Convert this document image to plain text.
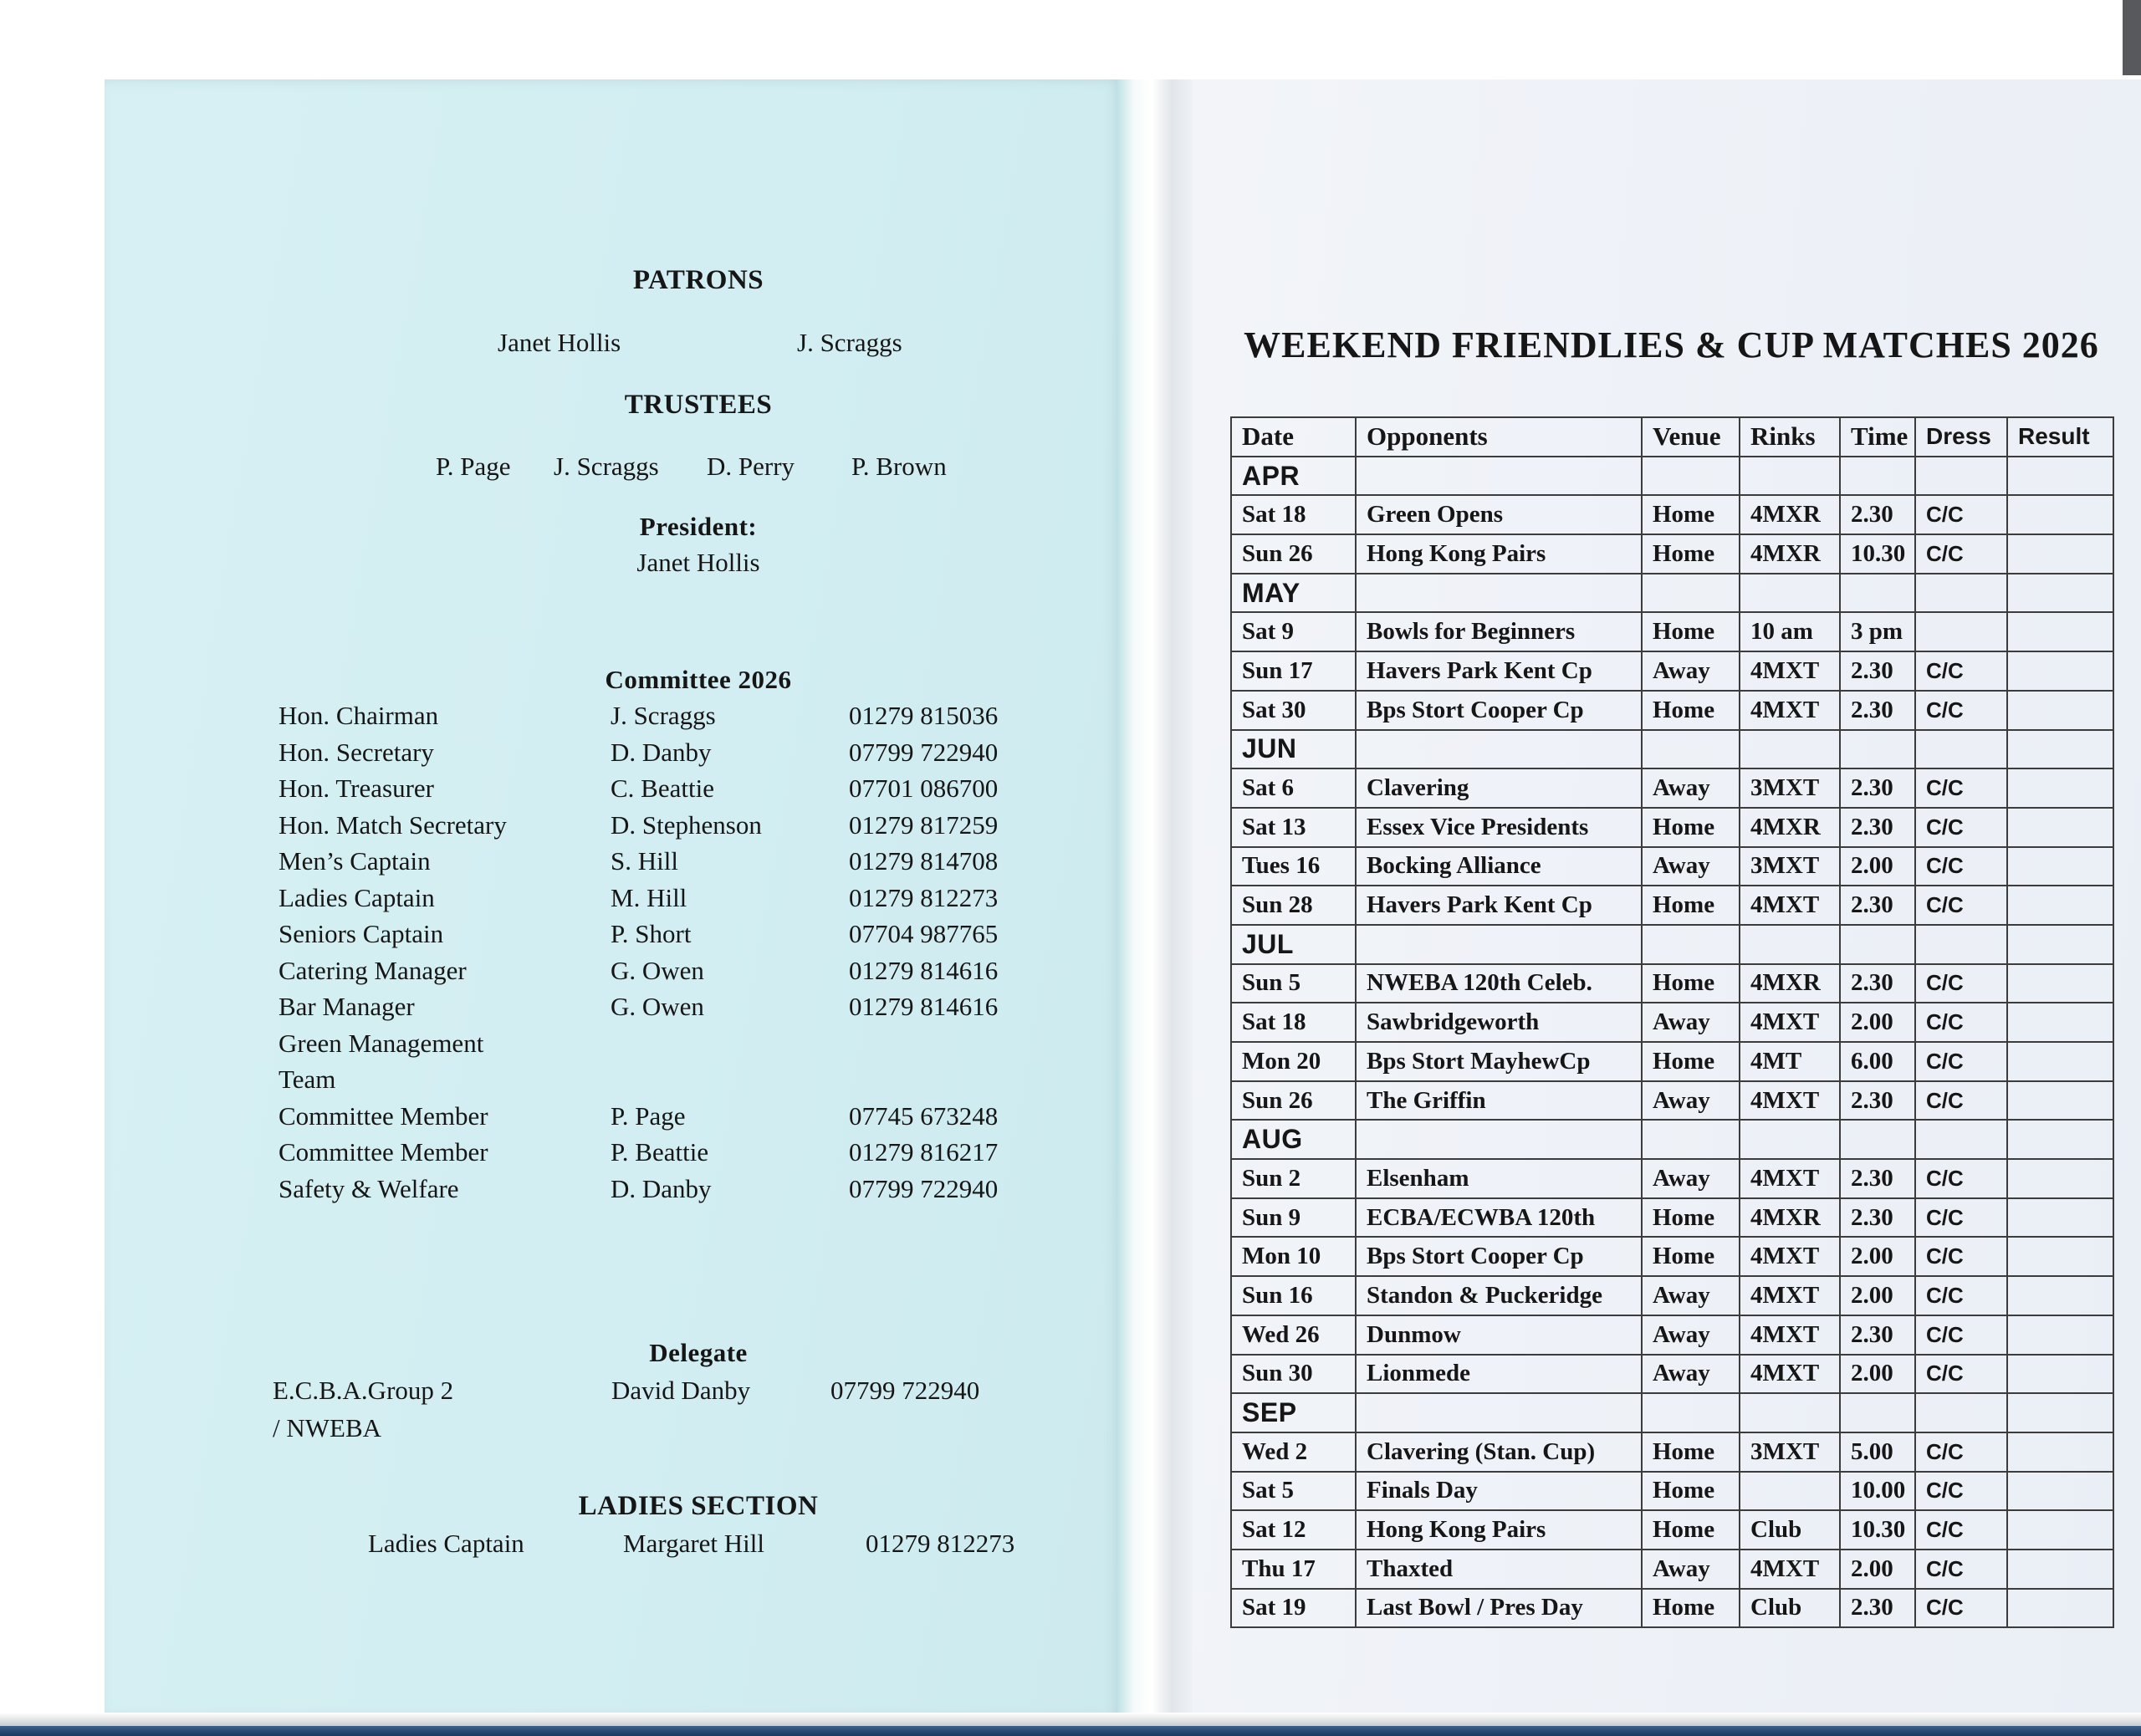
PATRONS
Janet Hollis	J. Scraggs
TRUSTEES
P. Page J. Scraggs D. Perry P. Brown
President:
Janet Hollis
Committee 2026
Hon. Chairman	J. Scraggs	01279 815036
Hon. Secretary	D. Danby	07799 722940
Hon. Treasurer	C. Beattie	07701 086700
Hon. Match Secretary	D. Stephenson	01279 817259
Men’s Captain	S. Hill	01279 814708
Ladies Captain	M. Hill	01279 812273
Seniors Captain	P. Short	07704 987765
Catering Manager	G. Owen	01279 814616
Bar Manager	G. Owen	01279 814616
Green Management
Team
Committee Member	P. Page	07745 673248
Committee Member	P. Beattie	01279 816217
Safety & Welfare	D. Danby	07799 722940
Delegate
E.C.B.A.Group 2	David Danby	07799 722940
/ NWEBA
LADIES SECTION
Ladies Captain	Margaret Hill	01279 812273
WEEKEND FRIENDLIES & CUP MATCHES 2026
Date	Opponents	Venue	Rinks	Time	Dress	Result
APR						
Sat 18	Green Opens	Home	4MXR	2.30	C/C	
Sun 26	Hong Kong Pairs	Home	4MXR	10.30	C/C	
MAY						
Sat 9	Bowls for Beginners	Home	10 am	3 pm		
Sun 17	Havers Park Kent Cp	Away	4MXT	2.30	C/C	
Sat 30	Bps Stort Cooper Cp	Home	4MXT	2.30	C/C	
JUN						
Sat 6	Clavering	Away	3MXT	2.30	C/C	
Sat 13	Essex Vice Presidents	Home	4MXR	2.30	C/C	
Tues 16	Bocking Alliance	Away	3MXT	2.00	C/C	
Sun 28	Havers Park Kent Cp	Home	4MXT	2.30	C/C	
JUL						
Sun 5	NWEBA 120th Celeb.	Home	4MXR	2.30	C/C	
Sat 18	Sawbridgeworth	Away	4MXT	2.00	C/C	
Mon 20	Bps Stort MayhewCp	Home	4MT	6.00	C/C	
Sun 26	The Griffin	Away	4MXT	2.30	C/C	
AUG						
Sun 2	Elsenham	Away	4MXT	2.30	C/C	
Sun 9	ECBA/ECWBA 120th	Home	4MXR	2.30	C/C	
Mon 10	Bps Stort Cooper Cp	Home	4MXT	2.00	C/C	
Sun 16	Standon & Puckeridge	Away	4MXT	2.00	C/C	
Wed 26	Dunmow	Away	4MXT	2.30	C/C	
Sun 30	Lionmede	Away	4MXT	2.00	C/C	
SEP						
Wed 2	Clavering (Stan. Cup)	Home	3MXT	5.00	C/C	
Sat 5	Finals Day	Home		10.00	C/C	
Sat 12	Hong Kong Pairs	Home	Club	10.30	C/C	
Thu 17	Thaxted	Away	4MXT	2.00	C/C	
Sat 19	Last Bowl / Pres Day	Home	Club	2.30	C/C	
